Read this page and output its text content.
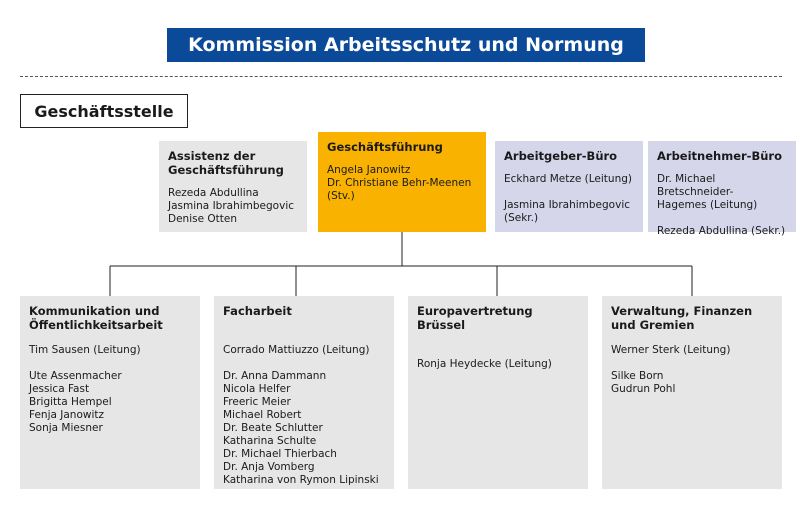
Kommission Arbeitsschutz und Normung
Geschäftsstelle
Assistenz der
Geschäftsführung
Rezeda Abdullina
Jasmina Ibrahimbegovic
Denise Otten
Geschäftsführung
Angela Janowitz
Dr. Christiane Behr-Meenen
(Stv.)
Arbeitgeber-Büro
Eckhard Metze (Leitung)

Jasmina Ibrahimbegovic
(Sekr.)
Arbeitnehmer-Büro
Dr. Michael Bretschneider-
Hagemes (Leitung)

Rezeda Abdullina (Sekr.)
Kommunikation und
Öffentlichkeitsarbeit
Tim Sausen (Leitung)

Ute Assenmacher
Jessica Fast
Brigitta Hempel
Fenja Janowitz
Sonja Miesner
Facharbeit
Corrado Mattiuzzo (Leitung)

Dr. Anna Dammann
Nicola Helfer
Freeric Meier
Michael Robert
Dr. Beate Schlutter
Katharina Schulte
Dr. Michael Thierbach
Dr. Anja Vomberg
Katharina von Rymon Lipinski
Europavertretung Brüssel
Ronja Heydecke (Leitung)
Verwaltung, Finanzen
und Gremien
Werner Sterk (Leitung)

Silke Born
Gudrun Pohl
